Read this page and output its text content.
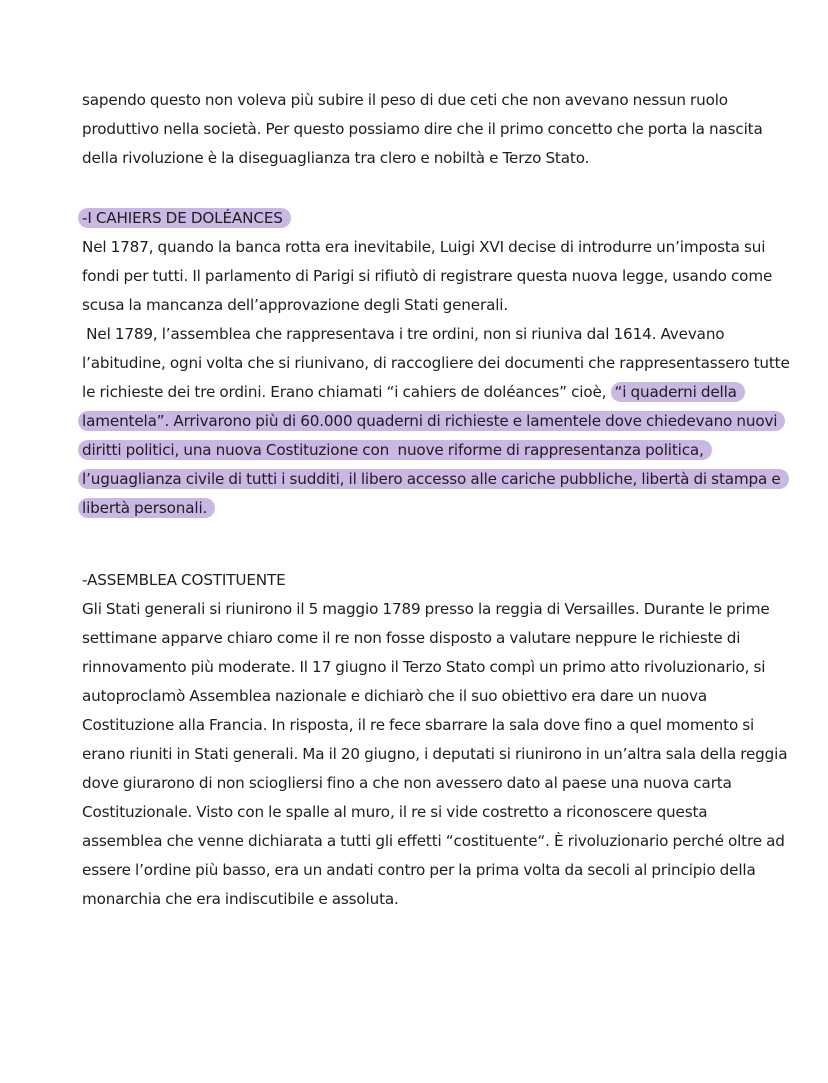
sapendo questo non voleva più subire il peso di due ceti che non avevano nessun ruolo
produttivo nella società. Per questo possiamo dire che il primo concetto che porta la nascita
della rivoluzione è la diseguaglianza tra clero e nobiltà e Terzo Stato.
-I CAHIERS DE DOLÉANCES
Nel 1787, quando la banca rotta era inevitabile, Luigi XVI decise di introdurre un’imposta sui
fondi per tutti. Il parlamento di Parigi si rifiutò di registrare questa nuova legge, usando come
scusa la mancanza dell’approvazione degli Stati generali.
Nel 1789, l’assemblea che rappresentava i tre ordini, non si riuniva dal 1614. Avevano
l’abitudine, ogni volta che si riunivano, di raccogliere dei documenti che rappresentassero tutte
le richieste dei tre ordini. Erano chiamati “i cahiers de doléances” cioè, “i quaderni della
lamentela”. Arrivarono più di 60.000 quaderni di richieste e lamentele dove chiedevano nuovi
diritti politici, una nuova Costituzione con  nuove riforme di rappresentanza politica,
l’uguaglianza civile di tutti i sudditi, il libero accesso alle cariche pubbliche, libertà di stampa e
libertà personali.
-ASSEMBLEA COSTITUENTE
Gli Stati generali si riunirono il 5 maggio 1789 presso la reggia di Versailles. Durante le prime
settimane apparve chiaro come il re non fosse disposto a valutare neppure le richieste di
rinnovamento più moderate. Il 17 giugno il Terzo Stato compì un primo atto rivoluzionario, si
autoproclamò Assemblea nazionale e dichiarò che il suo obiettivo era dare un nuova
Costituzione alla Francia. In risposta, il re fece sbarrare la sala dove fino a quel momento si
erano riuniti in Stati generali. Ma il 20 giugno, i deputati si riunirono in un’altra sala della reggia
dove giurarono di non sciogliersi fino a che non avessero dato al paese una nuova carta
Costituzionale. Visto con le spalle al muro, il re si vide costretto a riconoscere questa
assemblea che venne dichiarata a tutti gli effetti “costituente“. È rivoluzionario perché oltre ad
essere l’ordine più basso, era un andati contro per la prima volta da secoli al principio della
monarchia che era indiscutibile e assoluta.
